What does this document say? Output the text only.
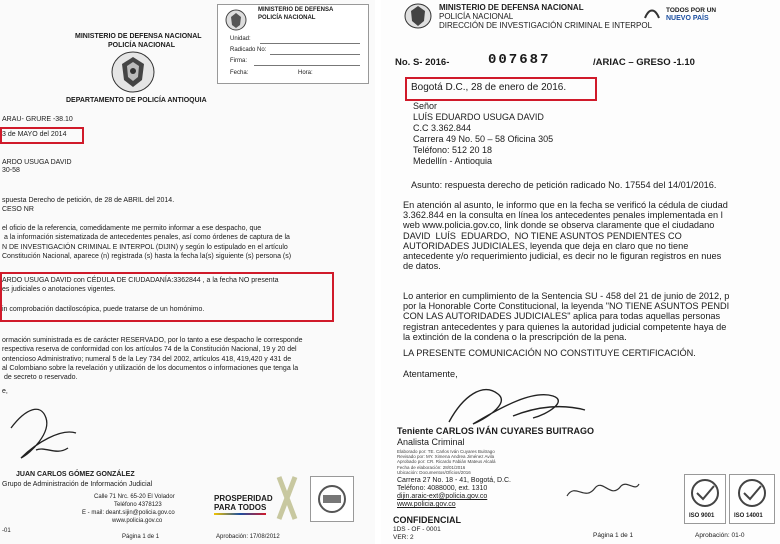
MINISTERIO DE DEFENSA
POLICÍA NACIONAL
Unidad:
Radicado No:
Firma:
Fecha:	Hora:
MINISTERIO DE DEFENSA NACIONAL
POLICÍA NACIONAL
DEPARTAMENTO DE POLICÍA ANTIOQUIA
ARAU- GRURE -38.10
3 de MAYO del 2014
ARDO USUGA DAVID
30-58
spuesta Derecho de petición, de 28 de ABRIL del 2014.
CESO NR
el oficio de la referencia, comedidamente me permito informar a ese despacho, que
a la información sistematizada de antecedentes penales, así como órdenes de captura de la
N DE INVESTIGACIÓN CRIMINAL E INTERPOL (DIJIN) y según lo estipulado en el artículo
Constitución Nacional, aparece (n) registrada (s) hasta la fecha la(s) siguiente (s) persona (s)
ARDO USUGA DAVID con CÉDULA DE CIUDADANÍA:3362844 , a la fecha NO presenta
es judiciales o anotaciones vigentes.
in comprobación dactiloscópica, puede tratarse de un homónimo.
ormación suministrada es de carácter RESERVADO, por lo tanto a ese despacho le corresponde
respectiva reserva de conformidad con los artículos 74 de la Constitución Nacional, 19 y 20 del
ontencioso Administrativo; numeral 5 de la Ley 734 del 2002, artículos 418, 419,420 y 431 de
al Colombiano sobre la revelación y utilización de los documentos o informaciones que tenga la
de secreto o reservado.
e,
JUAN CARLOS GÓMEZ GONZÁLEZ
Grupo de Administración de Información Judicial
Calle 71 Nrc. 65-20 El Volador
Teléfono 4378123
E - mail: deant.sijin@policia.gov.co
www.policia.gov.co
PROSPERIDAD
PARA TODOS
-01
Página 1 de 1	Aprobación: 17/08/2012
MINISTERIO DE DEFENSA NACIONAL
POLICÍA NACIONAL
DIRECCIÓN DE INVESTIGACIÓN CRIMINAL E INTERPOL
TODOS POR UN
NUEVO PAÍS
No. S- 2016-	007687	/ARIAC – GRESO -1.10
Bogotá D.C., 28 de enero de 2016.
Señor
LUÍS EDUARDO USUGA DAVID
C.C 3.362.844
Carrera 49 No. 50 – 58 Oficina 305
Teléfono: 512 20 18
Medellín - Antioquia
Asunto: respuesta derecho de petición radicado No. 17554 del 14/01/2016.
En atención al asunto, le informo que en la fecha se verificó la cédula de ciudad
3.362.844 en la consulta en línea los antecedentes penales implementada en l
web www.policia.gov.co, link donde se observa claramente que el ciudadano
DAVID  LUÍS  EDUARDO,  NO TIENE ASUNTOS PENDIENTES CO
AUTORIDADES JUDICIALES, leyenda que deja en claro que no tiene
antecedente y/o requerimiento judicial, es decir no le figuran registros en nues
de datos.
Lo anterior en cumplimiento de la Sentencia SU - 458 del 21 de junio de 2012, p
por la Honorable Corte Constitucional, la leyenda "NO TIENE ASUNTOS PENDI
CON LAS AUTORIDADES JUDICIALES" aplica para todas aquellas personas
registran antecedentes y para quienes la autoridad judicial competente haya de
la extinción de la condena o la prescripción de la pena.
LA PRESENTE COMUNICACIÓN NO CONSTITUYE CERTIFICACIÓN.
Atentamente,
Teniente CARLOS IVÁN CUYARES BUITRAGO
Analista Criminal
Elaborado por: TE. Carlos Iván Cuyares Buitrago
Revisado por: MY. Ximena Andrea Jiménez Avila
Aprobado por: CR. Ricardo Fabián Mateus Alcalá
Fecha de elaboración: 28/01/2016
Ubicación: Documentos/Oficios/2016
Carrera 27 No. 18 - 41, Bogotá, D.C.
Teléfono: 4088000, ext. 1310
dijin.araic-ext@policia.gov.co
www.policia.gov.co
CONFIDENCIAL
1DS - OF - 0001
VER: 2	Página 1 de 1	Aprobación: 01-0
ISO 9001	ISO 14001
